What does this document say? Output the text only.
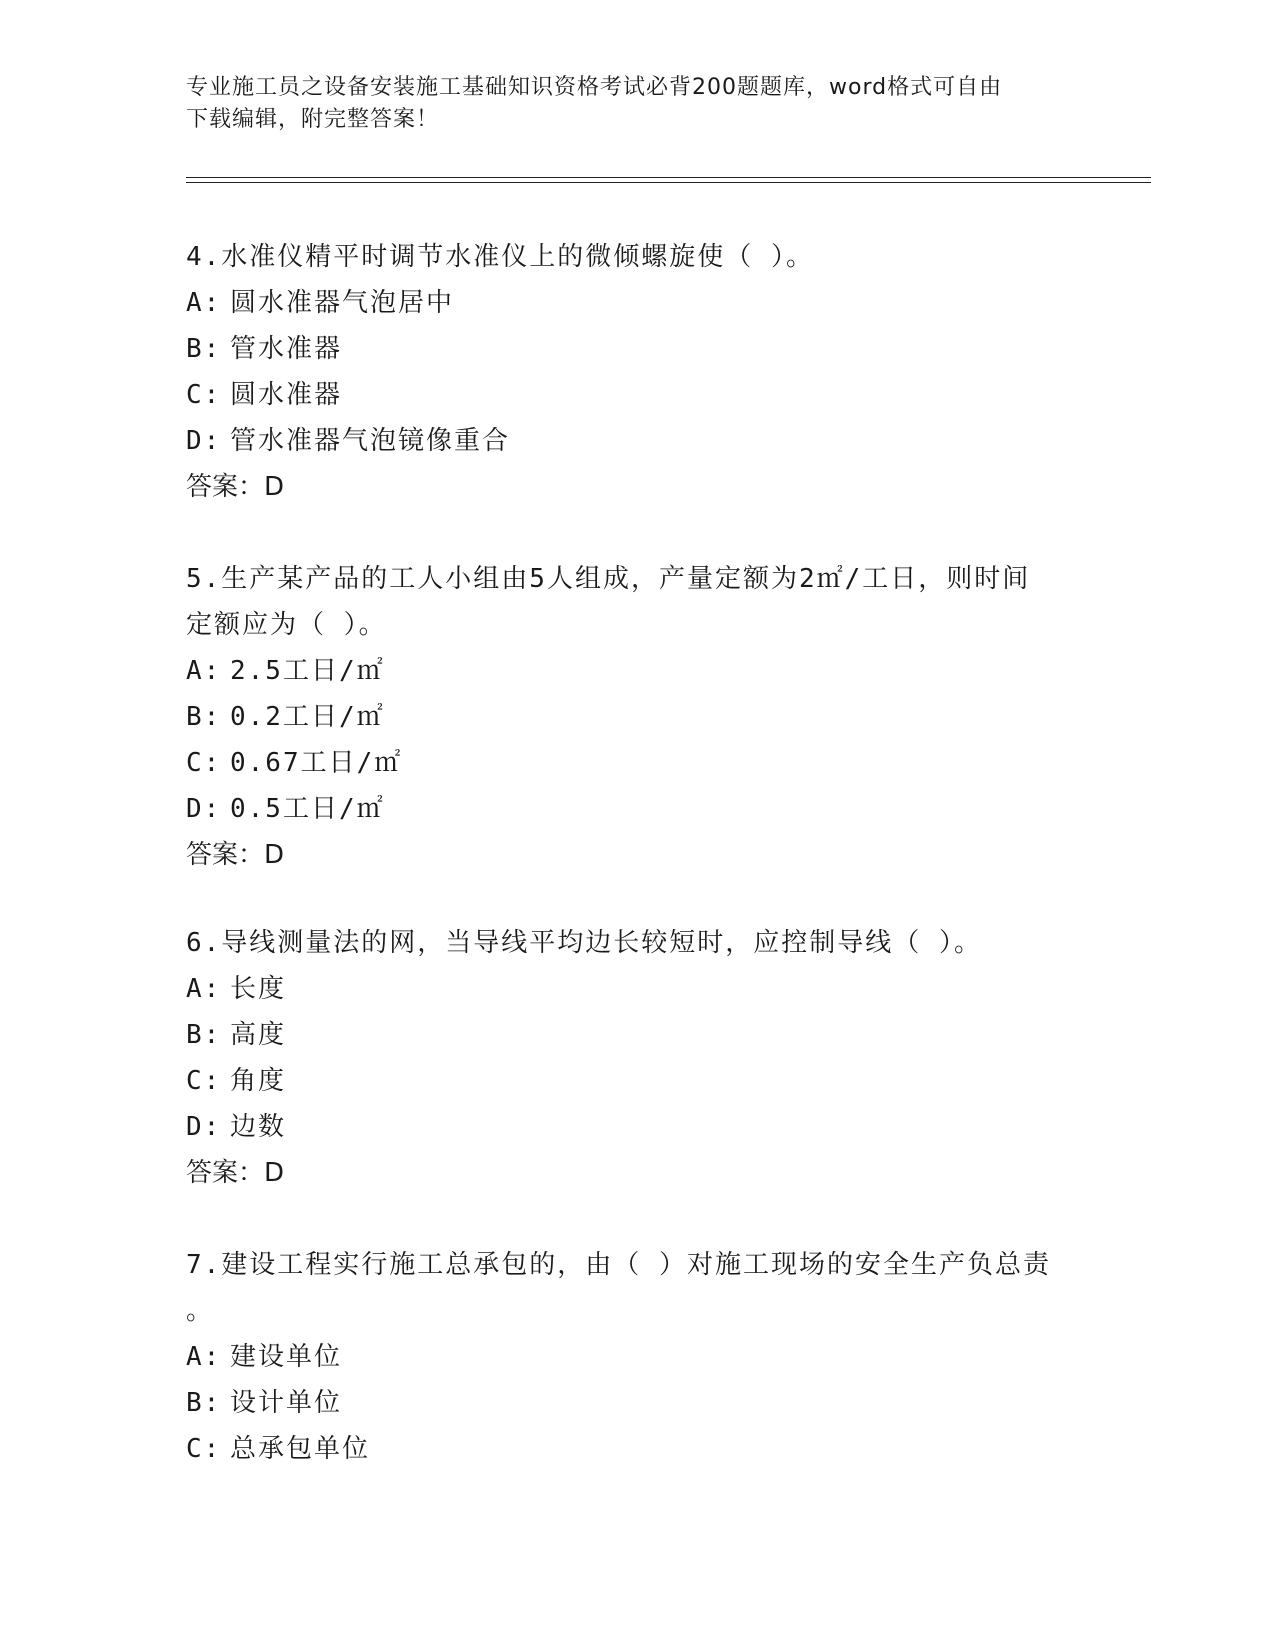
专业施工员之设备安装施工基础知识资格考试必背200题题库，word格式可自由
下载编辑，附完整答案！

4.水准仪精平时调节水准仪上的微倾螺旋使（ ）。

A: 圆水准器气泡居中

B: 管水准器

C: 圆水准器

D: 管水准器气泡镜像重合

答案：D

5.生产某产品的工人小组由5人组成，产量定额为2㎡/工日，则时间

定额应为（ ）。

A: 2.5工日/㎡

B: 0.2工日/㎡

C: 0.67工日/㎡

D: 0.5工日/㎡

答案：D

6.导线测量法的网，当导线平均边长较短时，应控制导线（ ）。

A: 长度

B: 高度

C: 角度

D: 边数

答案：D

7.建设工程实行施工总承包的，由（ ）对施工现场的安全生产负总责

。

A: 建设单位

B: 设计单位

C: 总承包单位
